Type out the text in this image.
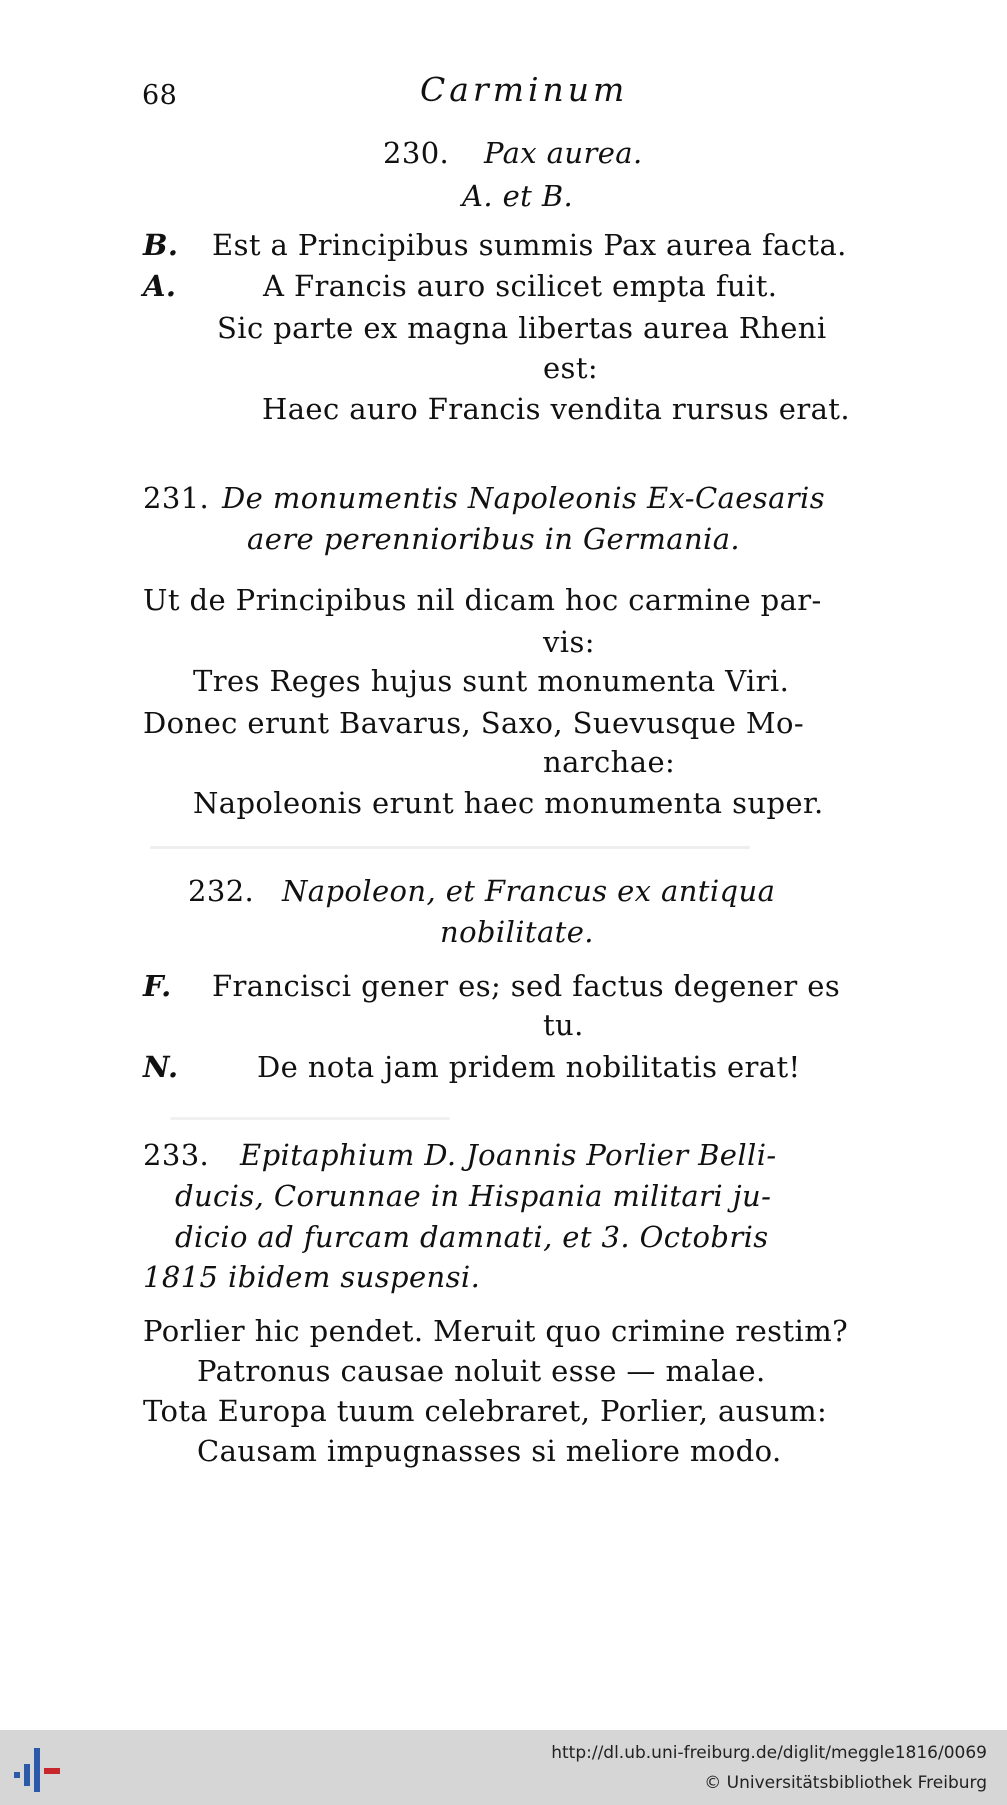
68	Carminum
230. Pax aurea.
A. et B.
B. Est a Principibus summis Pax aurea facta.
A.	A Francis auro scilicet empta fuit.
Sic parte ex magna libertas aurea Rheni
est:
Haec auro Francis vendita rursus erat.
231. De monumentis Napoleonis Ex-Caesaris
aere perennioribus in Germania.
Ut de Principibus nil dicam hoc carmine par-
vis:
Tres Reges hujus sunt monumenta Viri.
Donec erunt Bavarus, Saxo, Suevusque Mo-
narchae:
Napoleonis erunt haec monumenta super.
232. Napoleon, et Francus ex antiqua
nobilitate.
F. Francisci gener es; sed factus degener es
tu.
N.	De nota jam pridem nobilitatis erat!
233. Epitaphium D. Joannis Porlier Belli-
ducis, Corunnae in Hispania militari ju-
dicio ad furcam damnati, et 3. Octobris
1815 ibidem suspensi.
Porlier hic pendet. Meruit quo crimine restim?
Patronus causae noluit esse — malae.
Tota Europa tuum celebraret, Porlier, ausum:
Causam impugnasses si meliore modo.
http://dl.ub.uni-freiburg.de/diglit/meggle1816/0069
© Universitätsbibliothek Freiburg
